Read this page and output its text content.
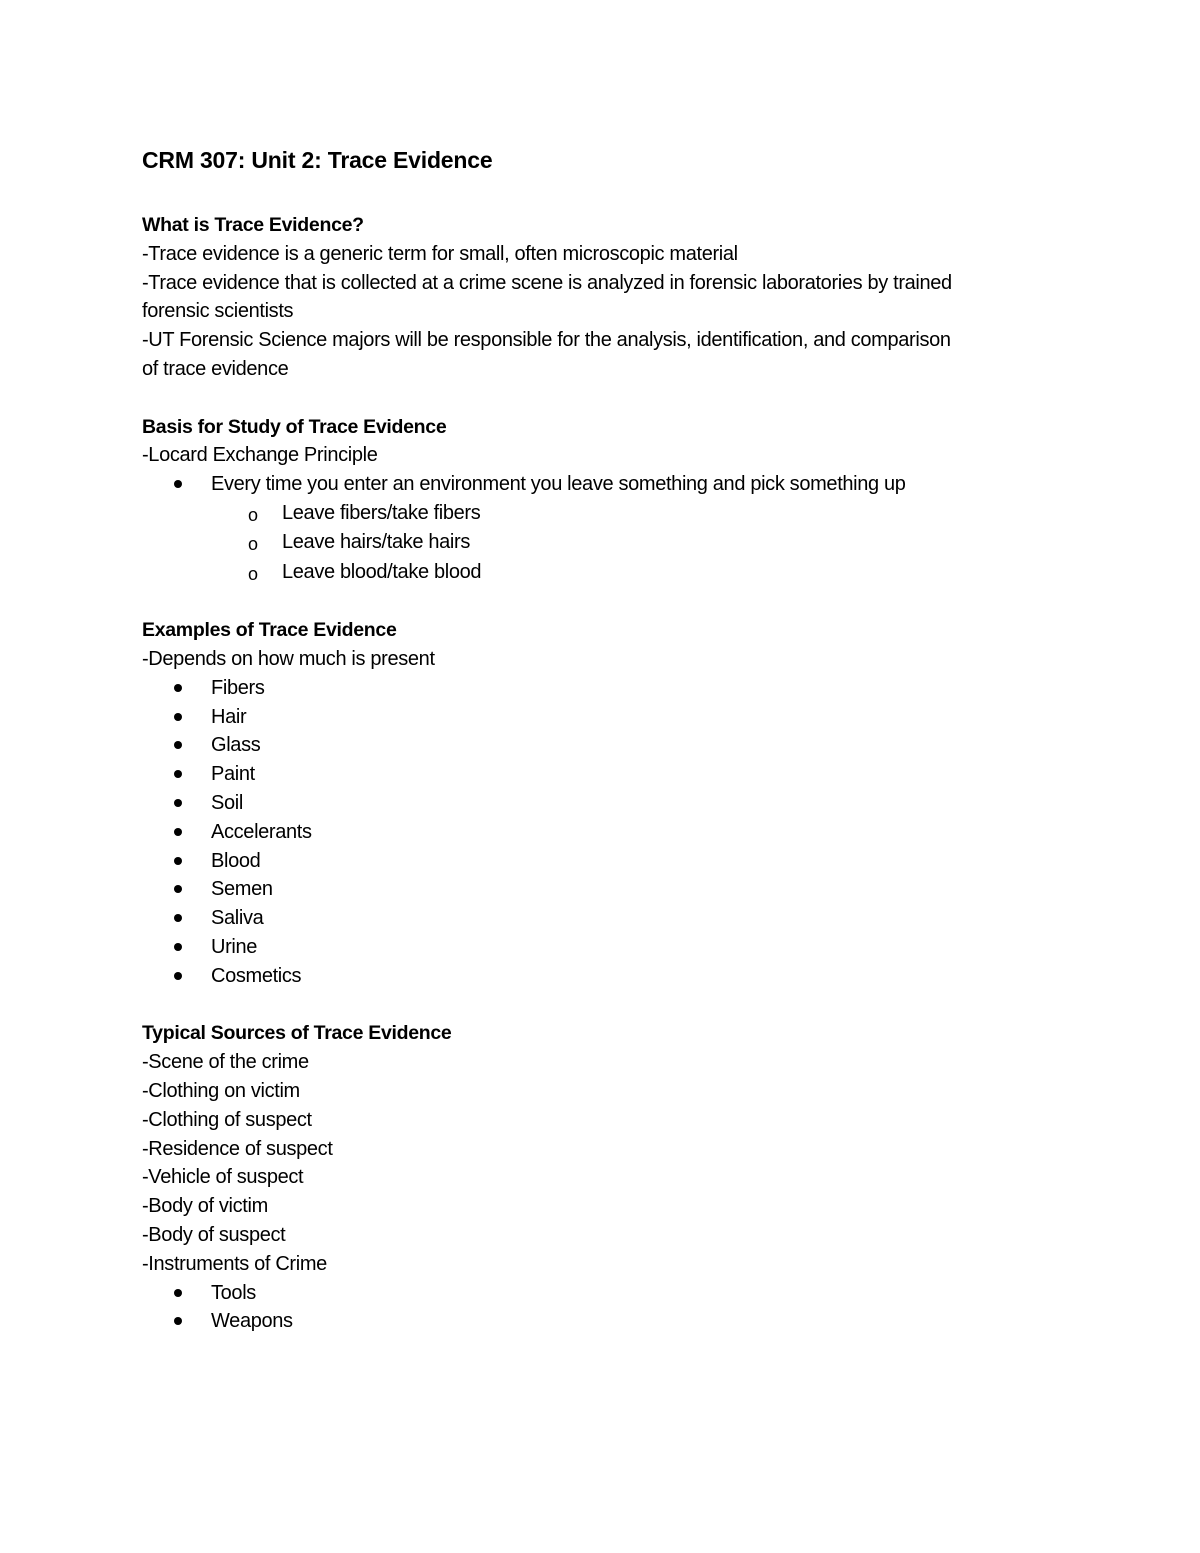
CRM 307: Unit 2: Trace Evidence

What is Trace Evidence?

-Trace evidence is a generic term for small, often microscopic material

-Trace evidence that is collected at a crime scene is analyzed in forensic laboratories by trained

forensic scientists

-UT Forensic Science majors will be responsible for the analysis, identification, and comparison

of trace evidence

Basis for Study of Trace Evidence

-Locard Exchange Principle

Every time you enter an environment you leave something and pick something up
o Leave fibers/take fibers
o Leave hairs/take hairs
o Leave blood/take blood

Examples of Trace Evidence

-Depends on how much is present

Fibers
Hair
Glass
Paint
Soil
Accelerants
Blood
Semen
Saliva
Urine
Cosmetics

Typical Sources of Trace Evidence

-Scene of the crime

-Clothing on victim

-Clothing of suspect

-Residence of suspect

-Vehicle of suspect

-Body of victim

-Body of suspect

-Instruments of Crime

Tools
Weapons
